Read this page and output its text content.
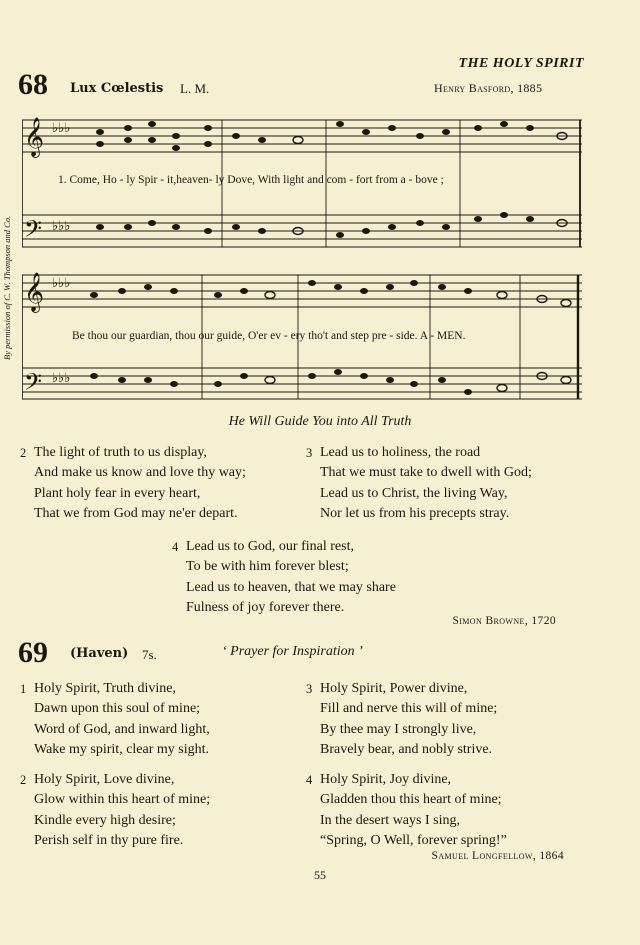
THE HOLY SPIRIT
68 Lux Cœlestis L. M.	Henry Basford, 1885
𝄞
𝄢
𝄞
𝄢
♭♭♭
♭♭♭
♭♭♭
♭♭♭
1. Come, Ho - ly Spir - it,heaven- ly Dove, With light and com - fort from a - bove ;
Be thou our guardian, thou our guide, O'er ev - ery tho't and step pre - side. A - MEN.
By permission of C. W. Thompson and Co.
He Will Guide You into All Truth
2 The light of truth to us display,
And make us know and love thy way;
Plant holy fear in every heart,
That we from God may ne'er depart.
3 Lead us to holiness, the road
That we must take to dwell with God;
Lead us to Christ, the living Way,
Nor let us from his precepts stray.
4 Lead us to God, our final rest,
To be with him forever blest;
Lead us to heaven, that we may share
Fulness of joy forever there.
Simon Browne, 1720
69 (Haven) 7s.	‘ Prayer for Inspiration ’
1 Holy Spirit, Truth divine,
Dawn upon this soul of mine;
Word of God, and inward light,
Wake my spirit, clear my sight.
3 Holy Spirit, Power divine,
Fill and nerve this will of mine;
By thee may I strongly live,
Bravely bear, and nobly strive.
2 Holy Spirit, Love divine,
Glow within this heart of mine;
Kindle every high desire;
Perish self in thy pure fire.
4 Holy Spirit, Joy divine,
Gladden thou this heart of mine;
In the desert ways I sing,
“Spring, O Well, forever spring!”
Samuel Longfellow, 1864
55
